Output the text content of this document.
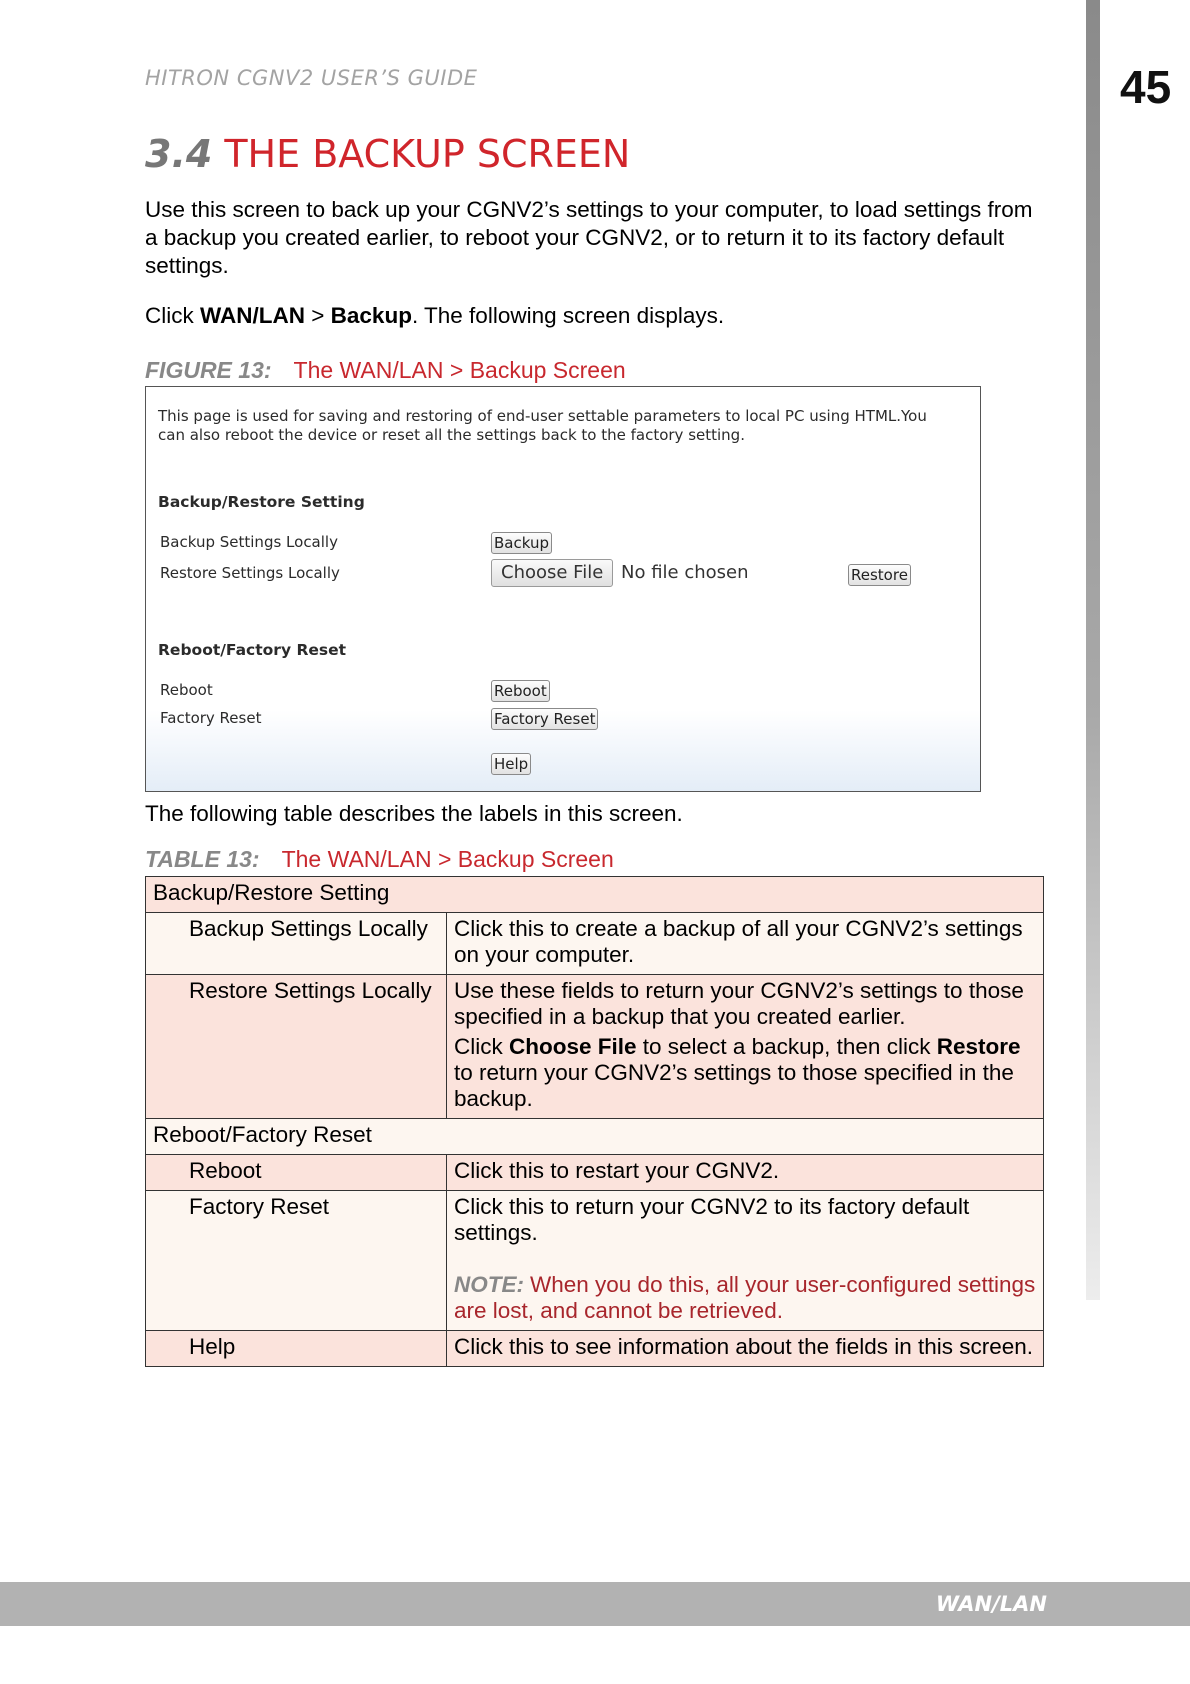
45
HITRON CGNV2 USER’S GUIDE
3.4 THE BACKUP SCREEN
Use this screen to back up your CGNV2’s settings to your computer, to load settings from a backup you created earlier, to reboot your CGNV2, or to return it to its factory default settings.
Click WAN/LAN > Backup. The following screen displays.
FIGURE 13: The WAN/LAN > Backup Screen
This page is used for saving and restoring of end-user settable parameters to local PC using HTML.You can also reboot the device or reset all the settings back to the factory setting.
Backup/Restore Setting
Backup Settings Locally	Backup
Restore Settings Locally	Choose File No file chosen	Restore
Reboot/Factory Reset
Reboot	Reboot
Factory Reset	Factory Reset
Help
The following table describes the labels in this screen.
TABLE 13: The WAN/LAN > Backup Screen
Backup/Restore Setting	
Backup Settings Locally	Click this to create a backup of all your CGNV2’s settings on your computer.
Restore Settings Locally	Use these fields to return your CGNV2’s settings to those specified in a backup that you created earlier.
Click Choose File to select a backup, then click Restore to return your CGNV2’s settings to those specified in the backup.

Reboot/Factory Reset	
Reboot	Click this to restart your CGNV2.
Factory Reset	Click this to return your CGNV2 to its factory default settings.
NOTE: When you do this, all your user-configured settings are lost, and cannot be retrieved.

Help	Click this to see information about the fields in this screen.
WAN/LAN
